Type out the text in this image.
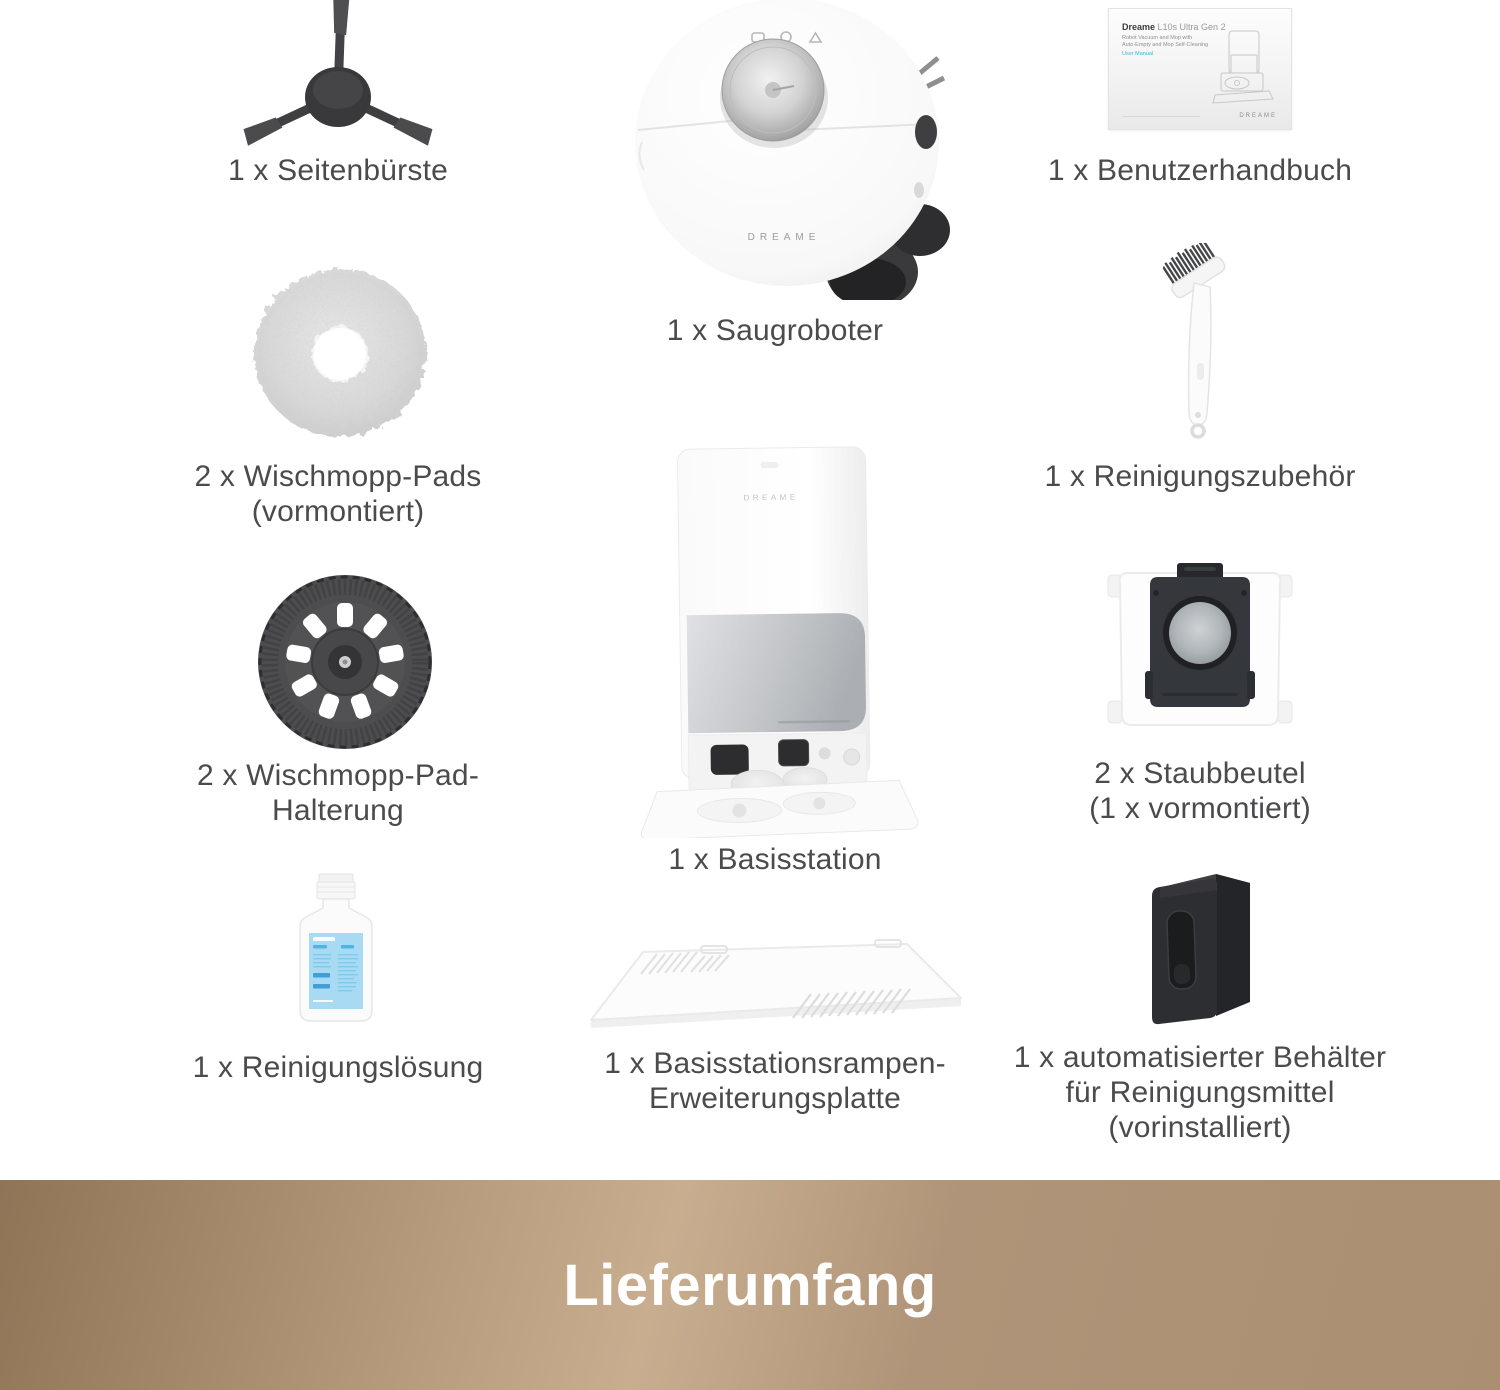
1 x Seitenbürste
2 x Wischmopp-Pads
(vormontiert)
2 x Wischmopp-Pad-
Halterung
1 x Reinigungslösung
DREAME
1 x Saugroboter
DREAME
1 x Basisstation
1 x Basisstationsrampen-
Erweiterungsplatte
Dreame L10s Ultra Gen 2
Robot Vacuum and Mop with
Auto-Empty and Mop Self-Cleaning
User Manual
DREAME
1 x Benutzerhandbuch
1 x Reinigungszubehör
2 x Staubbeutel
(1 x vormontiert)
1 x automatisierter Behälter
für Reinigungsmittel
(vorinstalliert)
Lieferumfang
